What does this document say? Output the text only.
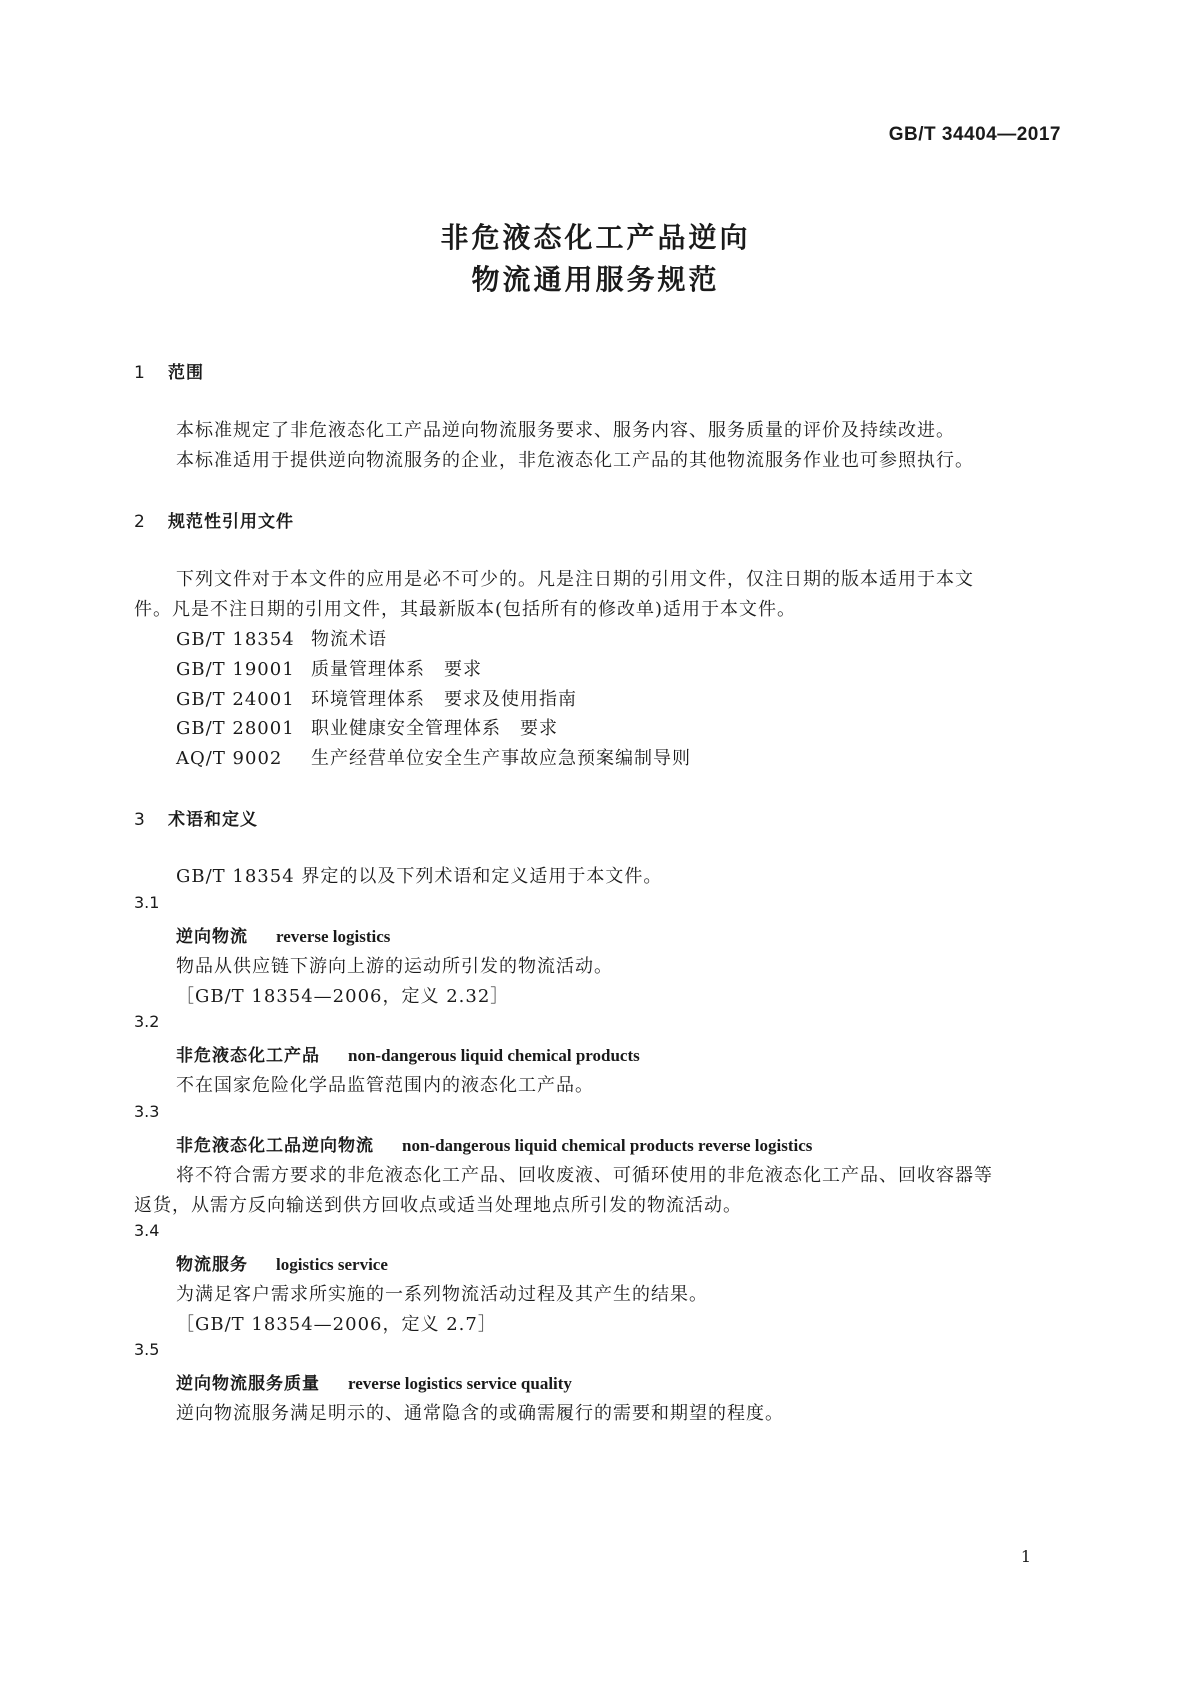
GB/T 34404—2017
非危液态化工产品逆向
物流通用服务规范
1 范围
本标准规定了非危液态化工产品逆向物流服务要求、服务内容、服务质量的评价及持续改进。
本标准适用于提供逆向物流服务的企业，非危液态化工产品的其他物流服务作业也可参照执行。
2 规范性引用文件
下列文件对于本文件的应用是必不可少的。凡是注日期的引用文件，仅注日期的版本适用于本文
件。凡是不注日期的引用文件，其最新版本(包括所有的修改单)适用于本文件。
GB/T 18354 物流术语
GB/T 19001 质量管理体系　要求
GB/T 24001 环境管理体系　要求及使用指南
GB/T 28001 职业健康安全管理体系　要求
AQ/T 9002 生产经营单位安全生产事故应急预案编制导则
3 术语和定义
GB/T 18354 界定的以及下列术语和定义适用于本文件。
3.1
逆向物流 reverse logistics
物品从供应链下游向上游的运动所引发的物流活动。
［GB/T 18354—2006，定义 2.32］
3.2
非危液态化工产品 non-dangerous liquid chemical products
不在国家危险化学品监管范围内的液态化工产品。
3.3
非危液态化工品逆向物流 non-dangerous liquid chemical products reverse logistics
将不符合需方要求的非危液态化工产品、回收废液、可循环使用的非危液态化工产品、回收容器等
返货，从需方反向输送到供方回收点或适当处理地点所引发的物流活动。
3.4
物流服务 logistics service
为满足客户需求所实施的一系列物流活动过程及其产生的结果。
［GB/T 18354—2006，定义 2.7］
3.5
逆向物流服务质量 reverse logistics service quality
逆向物流服务满足明示的、通常隐含的或确需履行的需要和期望的程度。
1
